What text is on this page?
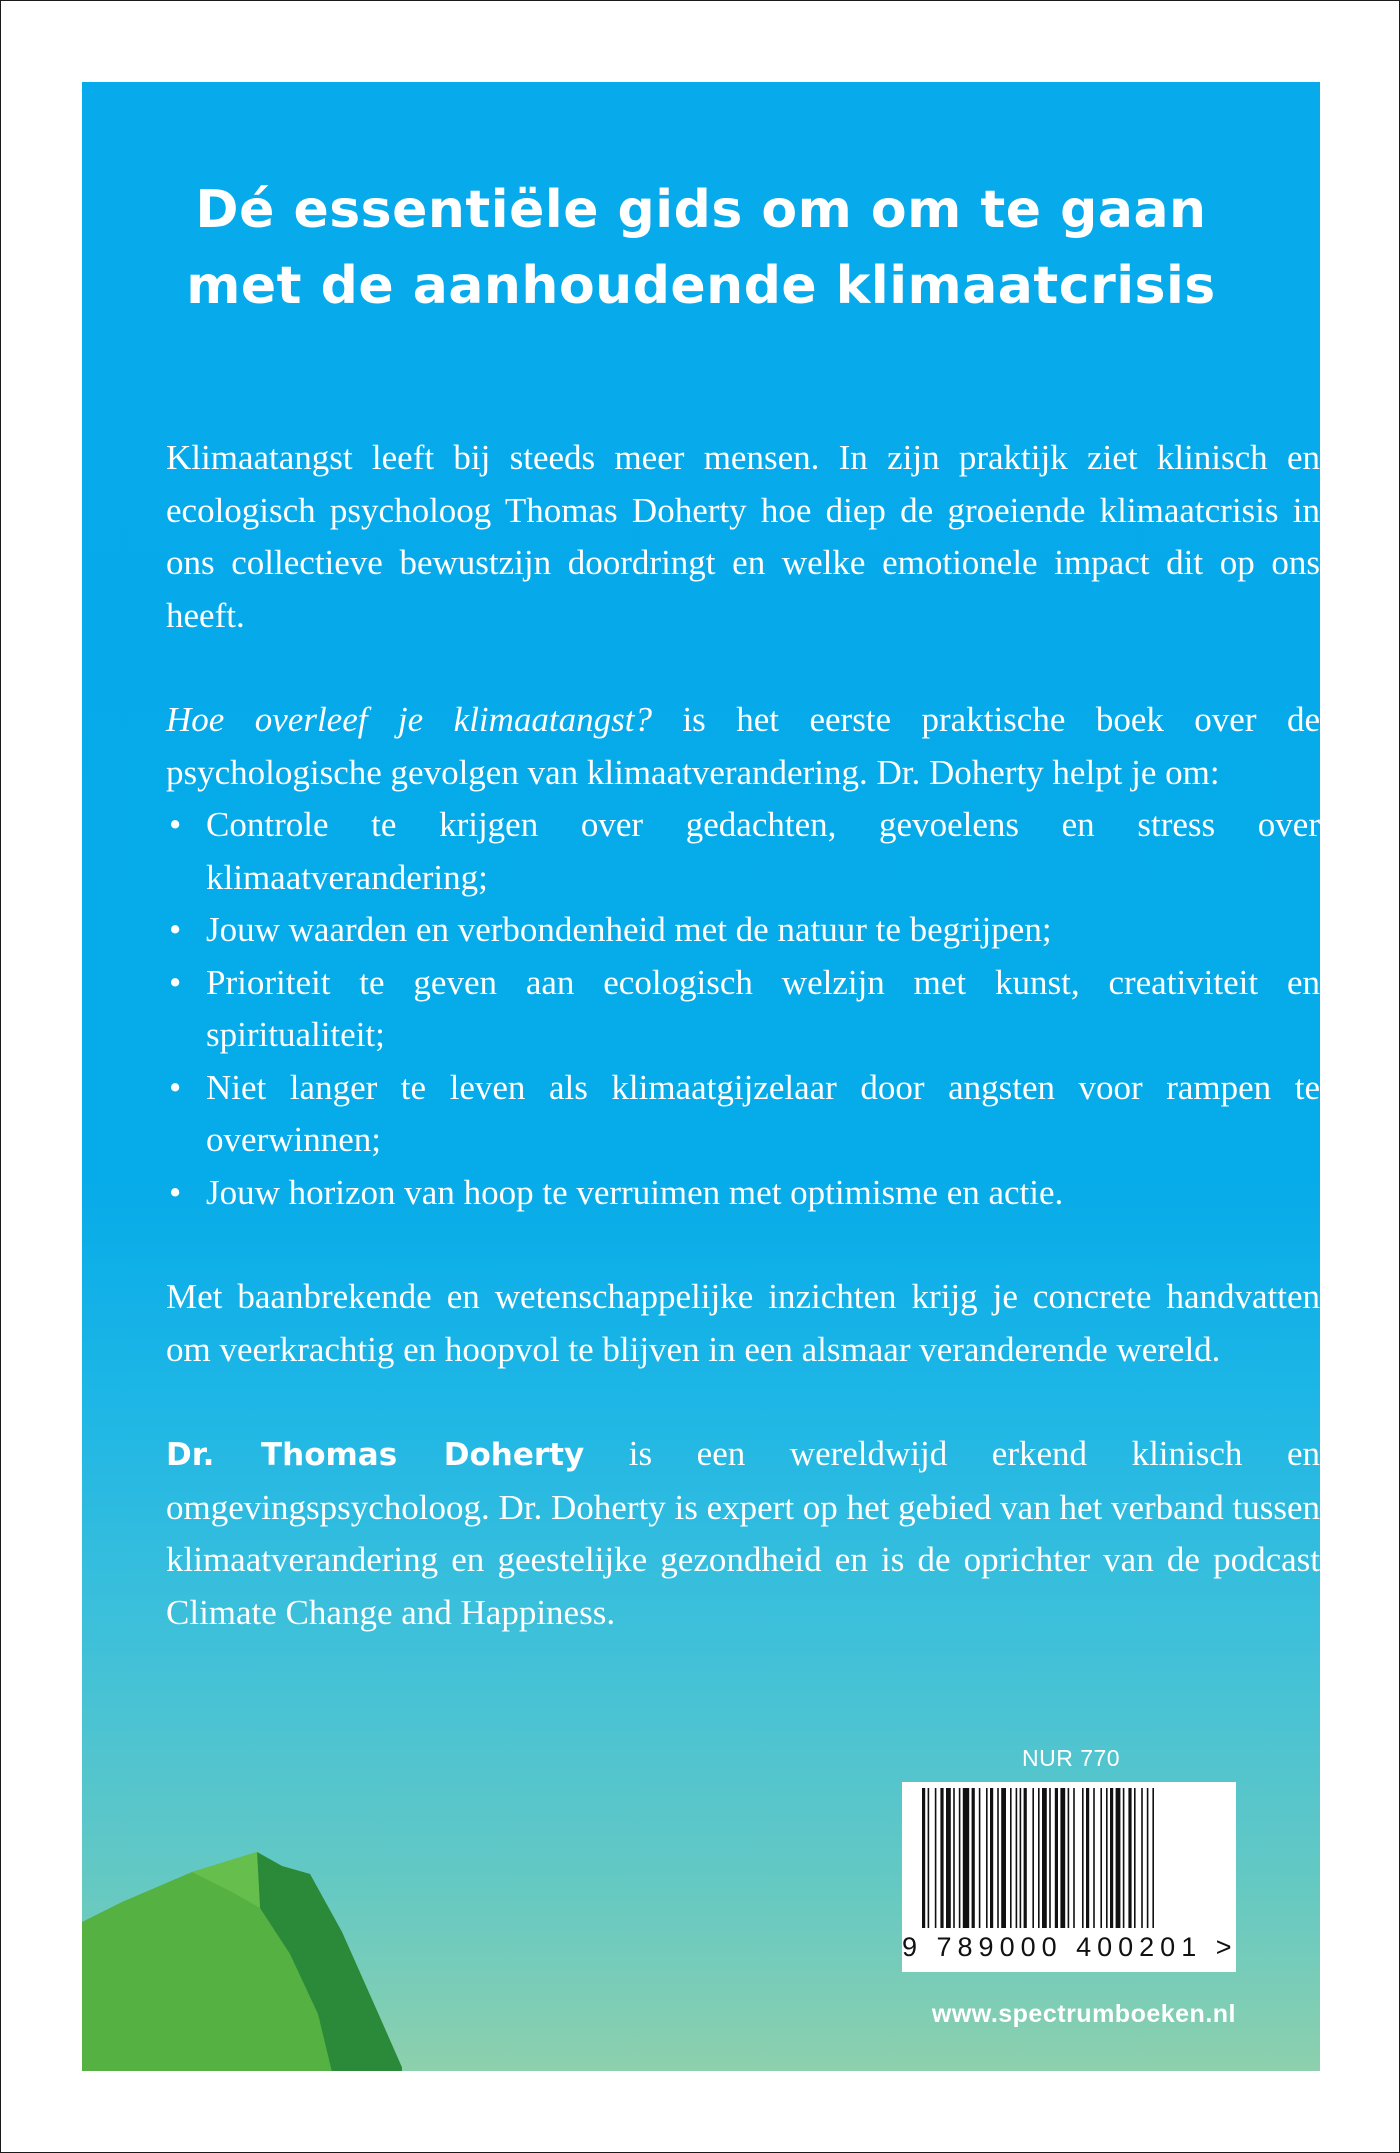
Dé essentiële gids om om te gaan
met de aanhoudende klimaatcrisis

Klimaatangst leeft bij steeds meer mensen. In zijn praktijk ziet klinisch en ecologisch psycholoog Thomas Doherty hoe diep de groeiende klimaatcrisis in ons collectieve bewustzijn doordringt en welke emotionele impact dit op ons heeft.

Hoe overleef je klimaatangst? is het eerste praktische boek over de psychologische gevolgen van klimaatverandering. Dr. Doherty helpt je om:

• Controle te krijgen over gedachten, gevoelens en stress over klimaatverandering;
• Jouw waarden en verbondenheid met de natuur te begrijpen;
• Prioriteit te geven aan ecologisch welzijn met kunst, creativiteit en spiritualiteit;
• Niet langer te leven als klimaatgijzelaar door angsten voor rampen te overwinnen;
• Jouw horizon van hoop te verruimen met optimisme en actie.

Met baanbrekende en wetenschappelijke inzichten krijg je concrete handvatten om veerkrachtig en hoopvol te blijven in een alsmaar veranderende wereld.

Dr. Thomas Doherty is een wereldwijd erkend klinisch en omgevingspsycholoog. Dr. Doherty is expert op het gebied van het verband tussen klimaatverandering en geestelijke gezondheid en is de oprichter van de podcast Climate Change and Happiness.

NUR 770
9 789000 400201 >
www.spectrumboeken.nl
